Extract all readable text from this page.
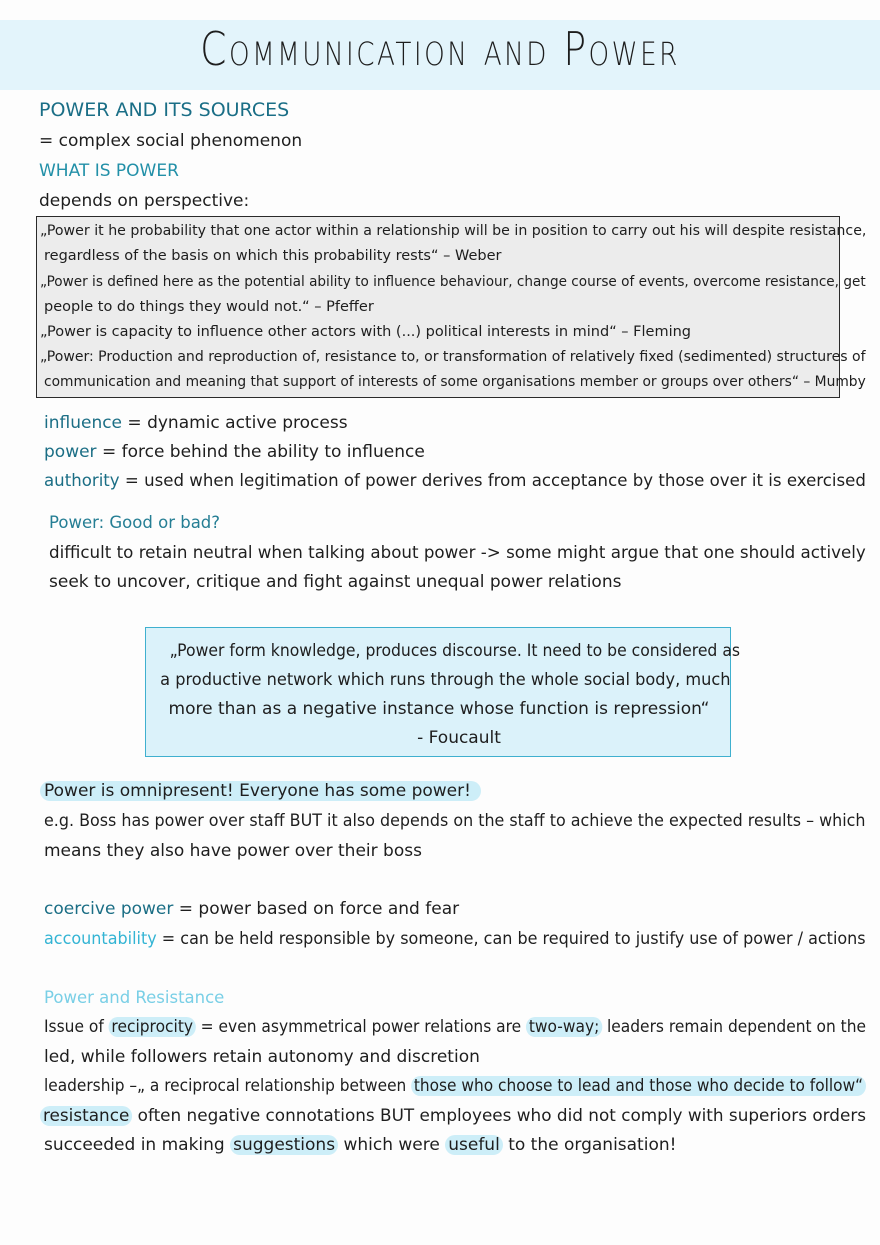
Communication and Power
POWER AND ITS SOURCES
= complex social phenomenon
WHAT IS POWER
depends on perspective:
„Power it he probability that one actor within a relationship will be in position to carry out his will despite resistance,
regardless of the basis on which this probability rests“ – Weber
„Power is defined here as the potential ability to influence behaviour, change course of events, overcome resistance, get
people to do things they would not.“ – Pfeffer
„Power is capacity to influence other actors with (...) political interests in mind“ – Fleming
„Power: Production and reproduction of, resistance to, or transformation of relatively fixed (sedimented) structures of
communication and meaning that support of interests of some organisations member or groups over others“ – Mumby
influence = dynamic active process
power = force behind the ability to influence
authority = used when legitimation of power derives from acceptance by those over it is exercised
Power: Good or bad?
difficult to retain neutral when talking about power -> some might argue that one should actively
seek to uncover, critique and fight against unequal power relations
„Power form knowledge, produces discourse. It need to be considered as
a productive network which runs through the whole social body, much
more than as a negative instance whose function is repression“
- Foucault
Power is omnipresent! Everyone has some power!
e.g. Boss has power over staff BUT it also depends on the staff to achieve the expected results – which
means they also have power over their boss
coercive power = power based on force and fear
accountability = can be held responsible by someone, can be required to justify use of power / actions
Power and Resistance
Issue of reciprocity = even asymmetrical power relations are two-way; leaders remain dependent on the
led, while followers retain autonomy and discretion
leadership –„ a reciprocal relationship between those who choose to lead and those who decide to follow“
resistance often negative connotations BUT employees who did not comply with superiors orders
succeeded in making suggestions which were useful to the organisation!
